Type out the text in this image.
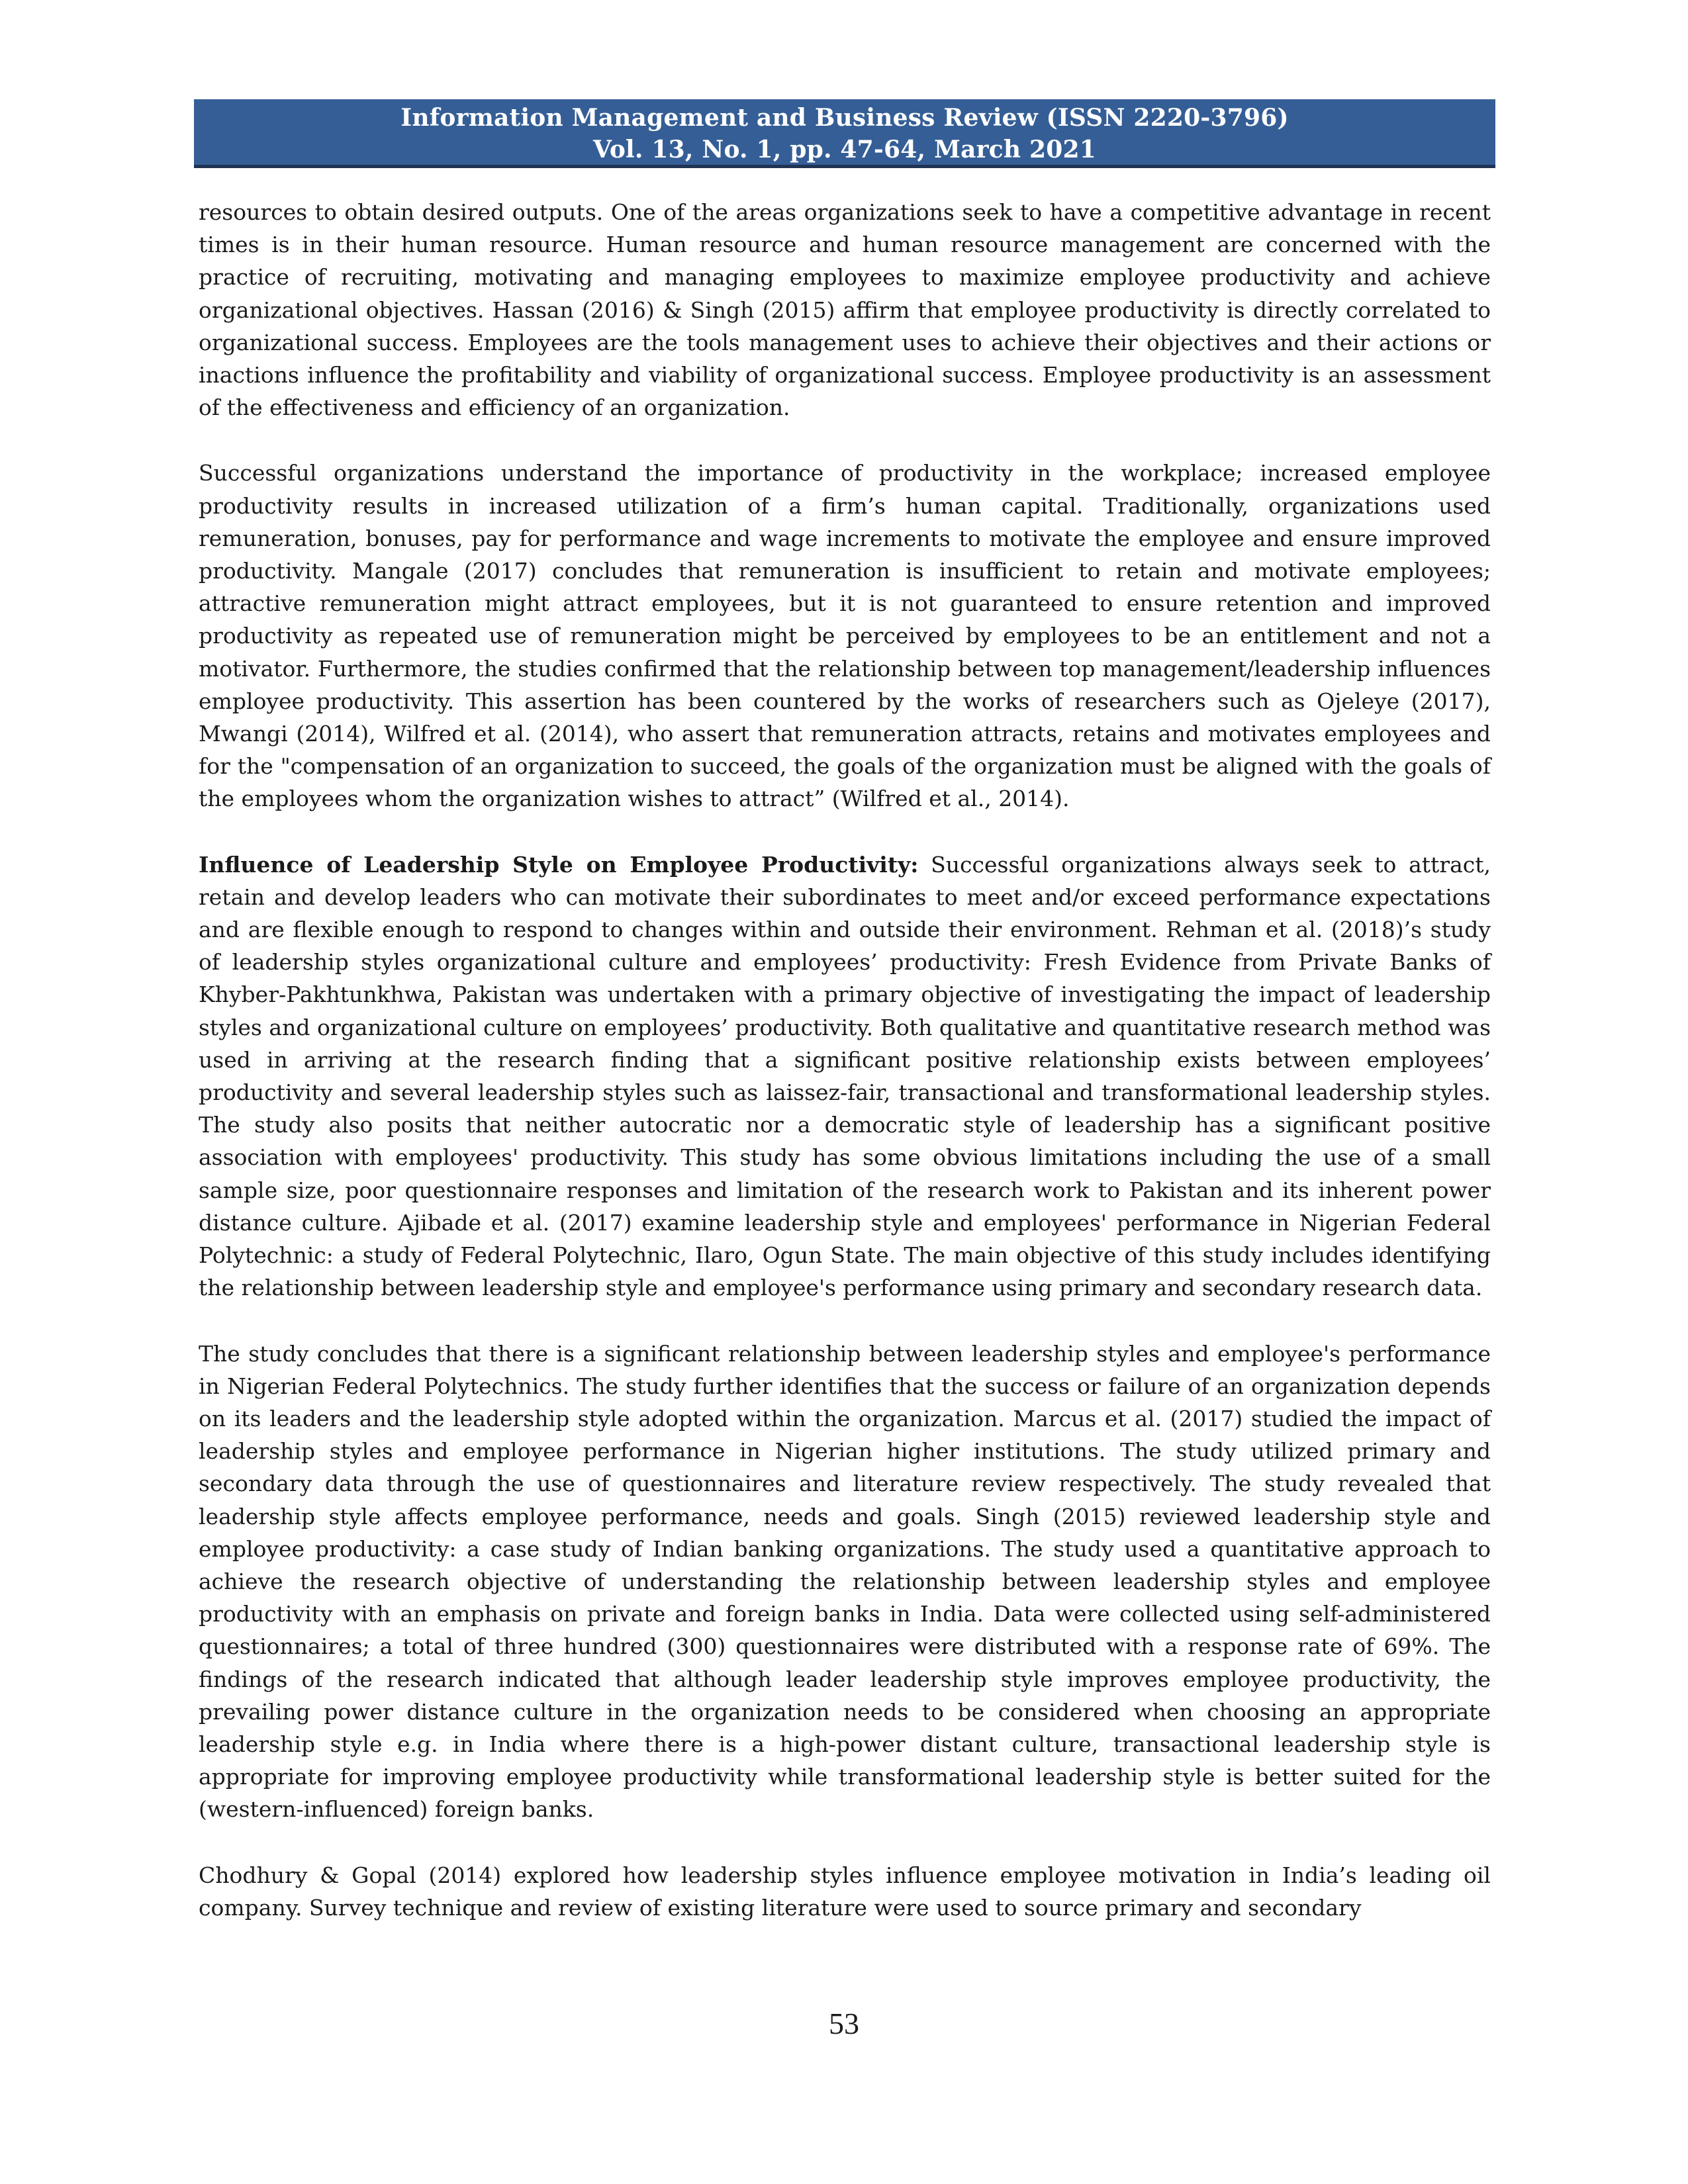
Information Management and Business Review (ISSN 2220-3796)
Vol. 13, No. 1, pp. 47-64, March 2021

resources to obtain desired outputs. One of the areas organizations seek to have a competitive advantage in recent times is in their human resource. Human resource and human resource management are concerned with the practice of recruiting, motivating and managing employees to maximize employee productivity and achieve organizational objectives. Hassan (2016) & Singh (2015) affirm that employee productivity is directly correlated to organizational success. Employees are the tools management uses to achieve their objectives and their actions or inactions influence the profitability and viability of organizational success. Employee productivity is an assessment of the effectiveness and efficiency of an organization.

Successful organizations understand the importance of productivity in the workplace; increased employee productivity results in increased utilization of a firm’s human capital. Traditionally, organizations used remuneration, bonuses, pay for performance and wage increments to motivate the employee and ensure improved productivity. Mangale (2017) concludes that remuneration is insufficient to retain and motivate employees; attractive remuneration might attract employees, but it is not guaranteed to ensure retention and improved productivity as repeated use of remuneration might be perceived by employees to be an entitlement and not a motivator. Furthermore, the studies confirmed that the relationship between top management/leadership influences employee productivity. This assertion has been countered by the works of researchers such as Ojeleye (2017), Mwangi (2014), Wilfred et al. (2014), who assert that remuneration attracts, retains and motivates employees and for the "compensation of an organization to succeed, the goals of the organization must be aligned with the goals of the employees whom the organization wishes to attract” (Wilfred et al., 2014).

Influence of Leadership Style on Employee Productivity: Successful organizations always seek to attract, retain and develop leaders who can motivate their subordinates to meet and/or exceed performance expectations and are flexible enough to respond to changes within and outside their environment. Rehman et al. (2018)’s study of leadership styles organizational culture and employees’ productivity: Fresh Evidence from Private Banks of Khyber-Pakhtunkhwa, Pakistan was undertaken with a primary objective of investigating the impact of leadership styles and organizational culture on employees’ productivity. Both qualitative and quantitative research method was used in arriving at the research finding that a significant positive relationship exists between employees’ productivity and several leadership styles such as laissez-fair, transactional and transformational leadership styles. The study also posits that neither autocratic nor a democratic style of leadership has a significant positive association with employees' productivity. This study has some obvious limitations including the use of a small sample size, poor questionnaire responses and limitation of the research work to Pakistan and its inherent power distance culture. Ajibade et al. (2017) examine leadership style and employees' performance in Nigerian Federal Polytechnic: a study of Federal Polytechnic, Ilaro, Ogun State. The main objective of this study includes identifying the relationship between leadership style and employee's performance using primary and secondary research data.

The study concludes that there is a significant relationship between leadership styles and employee's performance in Nigerian Federal Polytechnics. The study further identifies that the success or failure of an organization depends on its leaders and the leadership style adopted within the organization. Marcus et al. (2017) studied the impact of leadership styles and employee performance in Nigerian higher institutions. The study utilized primary and secondary data through the use of questionnaires and literature review respectively. The study revealed that leadership style affects employee performance, needs and goals. Singh (2015) reviewed leadership style and employee productivity: a case study of Indian banking organizations. The study used a quantitative approach to achieve the research objective of understanding the relationship between leadership styles and employee productivity with an emphasis on private and foreign banks in India. Data were collected using self-administered questionnaires; a total of three hundred (300) questionnaires were distributed with a response rate of 69%. The findings of the research indicated that although leader leadership style improves employee productivity, the prevailing power distance culture in the organization needs to be considered when choosing an appropriate leadership style e.g. in India where there is a high-power distant culture, transactional leadership style is appropriate for improving employee productivity while transformational leadership style is better suited for the (western-influenced) foreign banks.

Chodhury & Gopal (2014) explored how leadership styles influence employee motivation in India’s leading oil company. Survey technique and review of existing literature were used to source primary and secondary

53
